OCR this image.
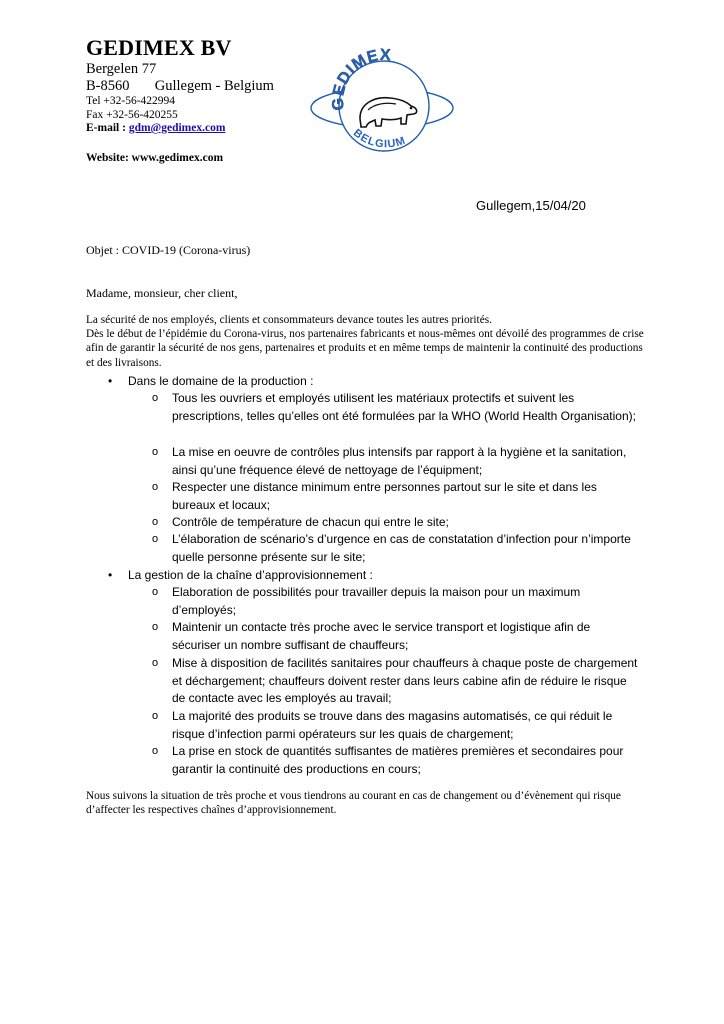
GEDIMEX BV
Bergelen 77
B-8560 Gullegem - Belgium
Tel +32-56-422994
Fax +32-56-420255
E-mail : gdm@gedimex.com
Website: www.gedimex.com
GEDIMEX
BELGIUM
Gullegem,15/04/20
Objet : COVID-19 (Corona-virus)
Madame, monsieur, cher client,
La sécurité de nos employés, clients et consommateurs devance toutes les autres priorités.
Dès le début de l’épidémie du Corona-virus, nos partenaires fabricants et nous-mêmes ont dévoilé des programmes de crise afin de garantir la sécurité de nos gens, partenaires et produits et en même temps de maintenir la continuité des productions et des livraisons.
• Dans le domaine de la production :
o	Tous les ouvriers et employés utilisent les matériaux protectifs et suivent les prescriptions, telles qu’elles ont été formulées par la WHO (World Health Organisation);
o	La mise en oeuvre de contrôles plus intensifs par rapport à la hygiène et la sanitation, ainsi qu’une fréquence élevé de nettoyage de l’équipment;
o	Respecter une distance minimum entre personnes partout sur le site et dans les bureaux et locaux;
o	Contrôle de température de chacun qui entre le site;
o	L’élaboration de scénario’s d’urgence en cas de constatation d’infection pour n’importe quelle personne présente sur le site;
• La gestion de la chaîne d’approvisionnement :
o	Elaboration de possibilités pour travailler depuis la maison pour un maximum d’employés;
o	Maintenir un contacte très proche avec le service transport et logistique afin de sécuriser un nombre suffisant de chauffeurs;
o	Mise à disposition de facilités sanitaires pour chauffeurs à chaque poste de chargement et déchargement; chauffeurs doivent rester dans leurs cabine afin de réduire le risque de contacte avec les employés au travail;
o	La majorité des produits se trouve dans des magasins automatisés, ce qui réduit le risque d’infection parmi opérateurs sur les quais de chargement;
o	La prise en stock de quantités suffisantes de matières premières et secondaires pour garantir la continuité des productions en cours;
Nous suivons la situation de très proche et vous tiendrons au courant en cas de changement ou d’évènement qui risque d’affecter les respectives chaînes d’approvisionnement.
